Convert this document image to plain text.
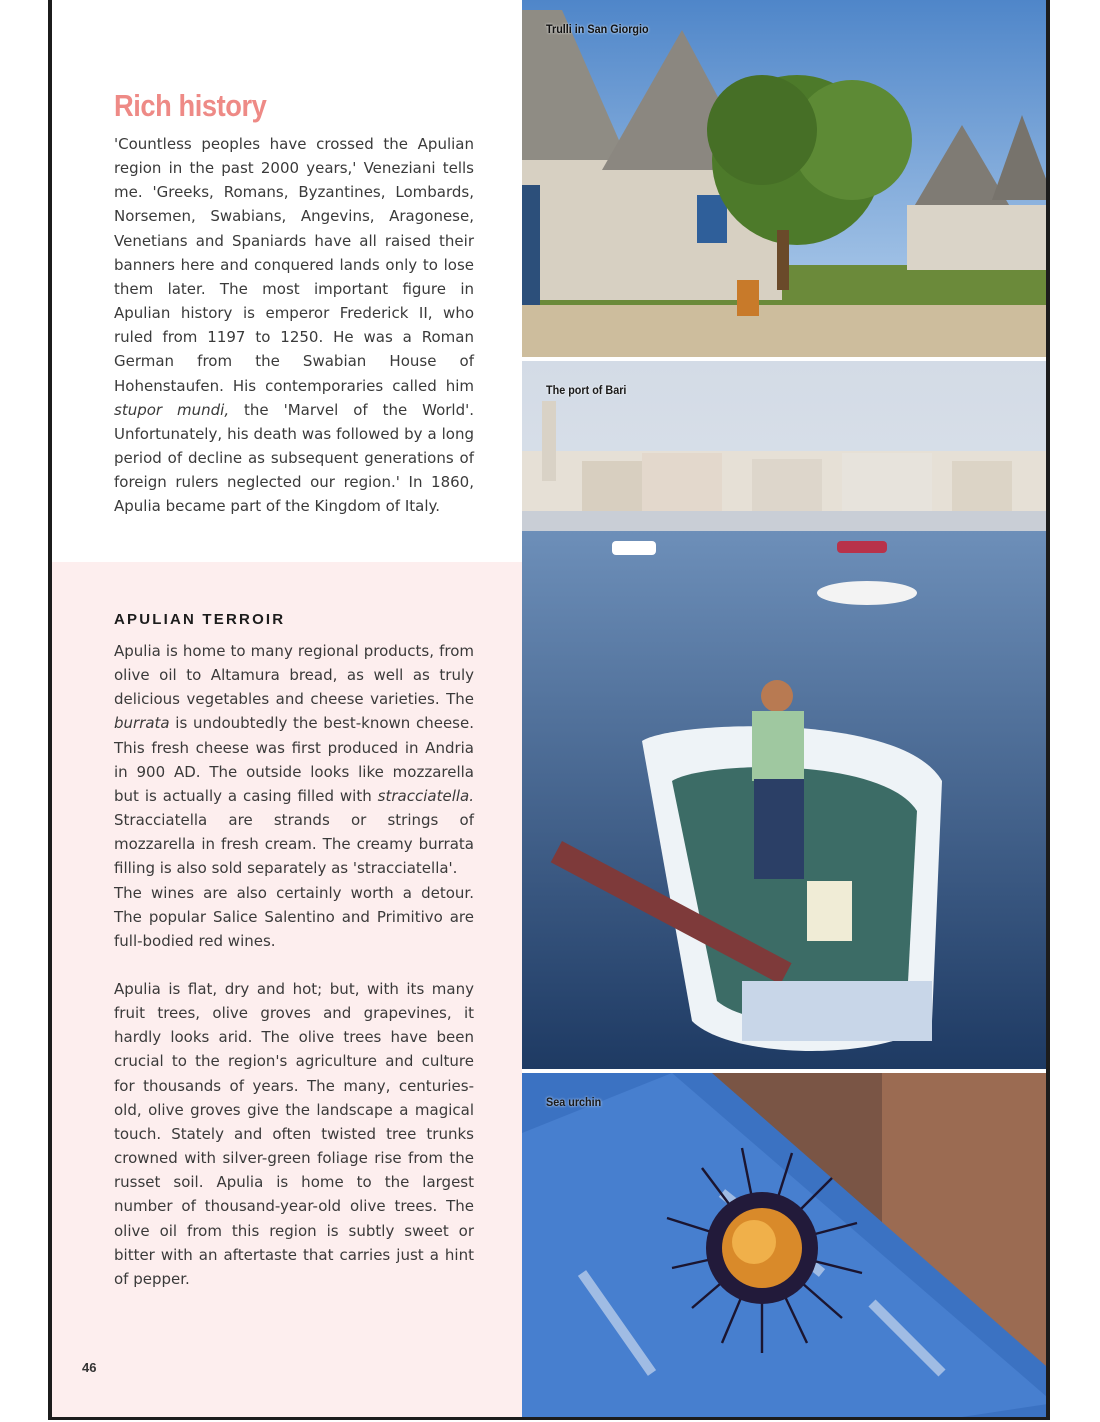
Rich history

'Countless peoples have crossed the Apulian region in the past 2000 years,' Veneziani tells me. 'Greeks, Romans, Byzantines, Lombards, Norsemen, Swabians, Angevins, Aragonese, Venetians and Spaniards have all raised their banners here and conquered lands only to lose them later. The most important figure in Apulian history is emperor Frederick II, who ruled from 1197 to 1250. He was a Roman German from the Swabian House of Hohenstaufen. His contemporaries called him stupor mundi, the 'Marvel of the World'. Unfortunately, his death was followed by a long period of decline as subsequent generations of foreign rulers neglected our region.' In 1860, Apulia became part of the Kingdom of Italy.

APULIAN TERROIR

Apulia is home to many regional products, from olive oil to Altamura bread, as well as truly delicious vegetables and cheese varieties. The burrata is undoubtedly the best-known cheese. This fresh cheese was first produced in Andria in 900 AD. The outside looks like mozzarella but is actually a casing filled with stracciatella. Stracciatella are strands or strings of mozzarella in fresh cream. The creamy burrata filling is also sold separately as 'stracciatella'.
The wines are also certainly worth a detour. The popular Salice Salentino and Primitivo are full-bodied red wines.

Apulia is flat, dry and hot; but, with its many fruit trees, olive groves and grapevines, it hardly looks arid. The olive trees have been crucial to the region's agriculture and culture for thousands of years. The many, centuries-old, olive groves give the landscape a magical touch. Stately and often twisted tree trunks crowned with silver-green foliage rise from the russet soil. Apulia is home to the largest number of thousand-year-old olive trees. The olive oil from this region is subtly sweet or bitter with an aftertaste that carries just a hint of pepper.

46
Trulli in San Giorgio
The port of Bari
Sea urchin
